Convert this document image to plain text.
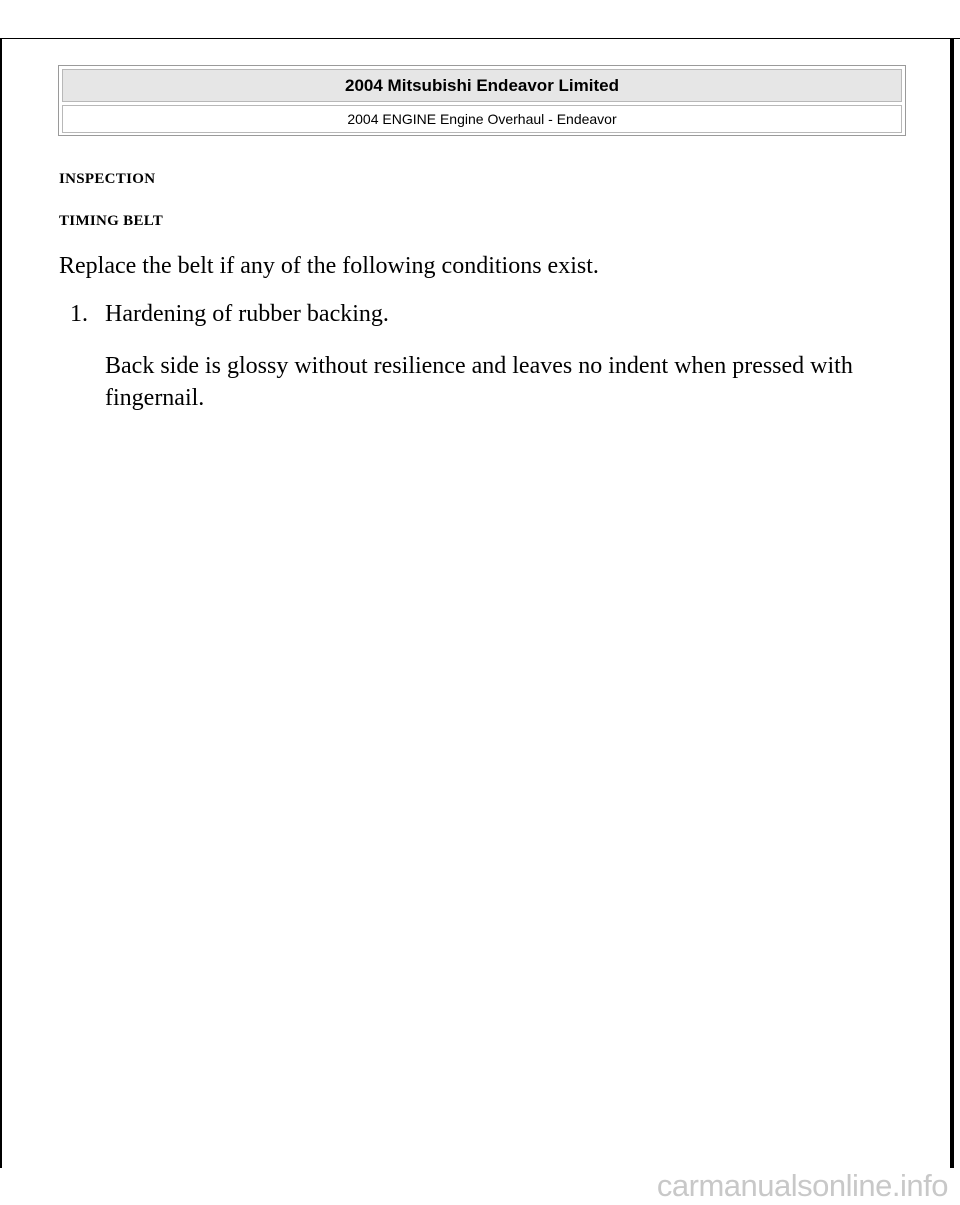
2004 Mitsubishi Endeavor Limited
2004 ENGINE Engine Overhaul - Endeavor
INSPECTION
TIMING BELT
Replace the belt if any of the following conditions exist.
1. Hardening of rubber backing.
Back side is glossy without resilience and leaves no indent when pressed with fingernail.
carmanualsonline.info
